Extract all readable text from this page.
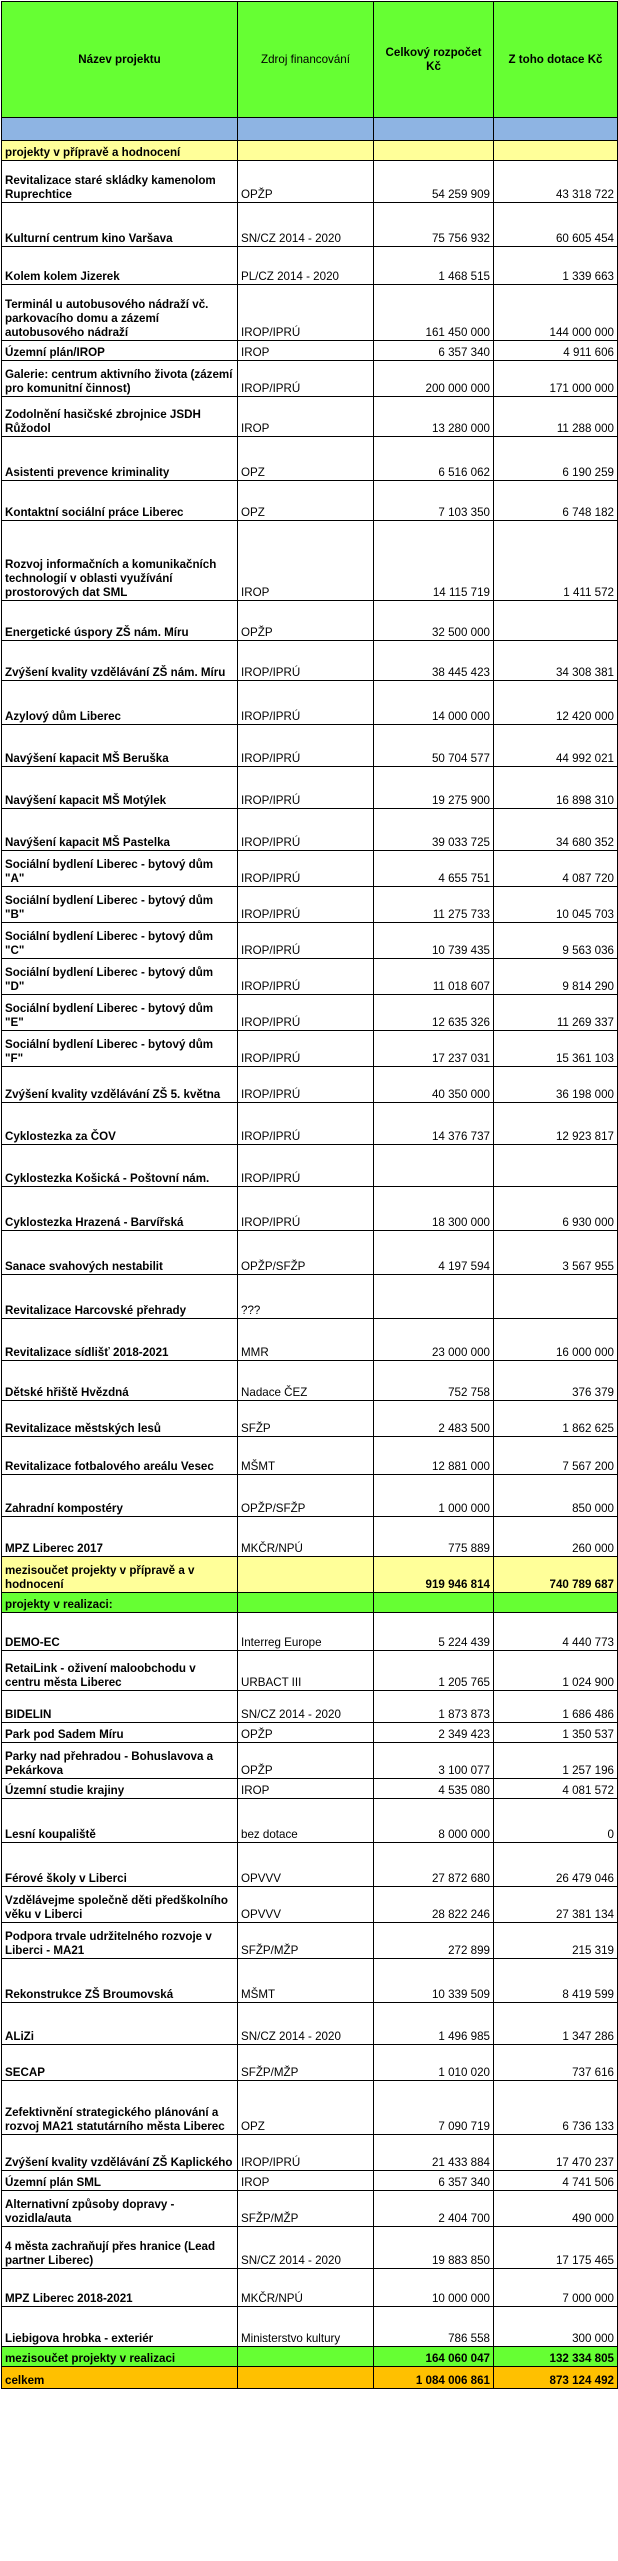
Název projektu	Zdroj financování	Celkový rozpočet Kč	Z toho dotace Kč

projekty v přípravě a hodnocení			
Revitalizace staré skládky kamenolom Ruprechtice	OPŽP	54 259 909	43 318 722
Kulturní centrum kino Varšava	SN/CZ 2014 - 2020	75 756 932	60 605 454
Kolem kolem Jizerek	PL/CZ 2014 - 2020	1 468 515	1 339 663
Terminál u autobusového nádraží vč. parkovacího domu a zázemí autobusového nádraží	IROP/IPRÚ	161 450 000	144 000 000
Územní plán/IROP	IROP	6 357 340	4 911 606
Galerie: centrum aktivního života (zázemí pro komunitní činnost)	IROP/IPRÚ	200 000 000	171 000 000
Zodolnění hasičské zbrojnice JSDH Růžodol	IROP	13 280 000	11 288 000
Asistenti prevence kriminality	OPZ	6 516 062	6 190 259
Kontaktní sociální práce Liberec	OPZ	7 103 350	6 748 182
Rozvoj informačních a komunikačních technologií v oblasti využívání prostorových dat SML	IROP	14 115 719	1 411 572
Energetické úspory ZŠ nám. Míru	OPŽP	32 500 000	
Zvýšení kvality vzdělávání ZŠ nám. Míru	IROP/IPRÚ	38 445 423	34 308 381
Azylový dům Liberec	IROP/IPRÚ	14 000 000	12 420 000
Navýšení kapacit MŠ Beruška	IROP/IPRÚ	50 704 577	44 992 021
Navýšení kapacit MŠ Motýlek	IROP/IPRÚ	19 275 900	16 898 310
Navýšení kapacit MŠ Pastelka	IROP/IPRÚ	39 033 725	34 680 352
Sociální bydlení Liberec - bytový dům "A"	IROP/IPRÚ	4 655 751	4 087 720
Sociální bydlení Liberec - bytový dům "B"	IROP/IPRÚ	11 275 733	10 045 703
Sociální bydlení Liberec - bytový dům "C"	IROP/IPRÚ	10 739 435	9 563 036
Sociální bydlení Liberec - bytový dům "D"	IROP/IPRÚ	11 018 607	9 814 290
Sociální bydlení Liberec - bytový dům "E"	IROP/IPRÚ	12 635 326	11 269 337
Sociální bydlení Liberec - bytový dům "F"	IROP/IPRÚ	17 237 031	15 361 103
Zvýšení kvality vzdělávání ZŠ 5. května	IROP/IPRÚ	40 350 000	36 198 000
Cyklostezka za ČOV	IROP/IPRÚ	14 376 737	12 923 817
Cyklostezka Košická - Poštovní nám.	IROP/IPRÚ		
Cyklostezka Hrazená - Barvířská	IROP/IPRÚ	18 300 000	6 930 000
Sanace svahových nestabilit	OPŽP/SFŽP	4 197 594	3 567 955
Revitalizace Harcovské přehrady	???		
Revitalizace sídlišť 2018-2021	MMR	23 000 000	16 000 000
Dětské hřiště Hvězdná	Nadace ČEZ	752 758	376 379
Revitalizace městských lesů	SFŽP	2 483 500	1 862 625
Revitalizace fotbalového areálu Vesec	MŠMT	12 881 000	7 567 200
Zahradní kompostéry	OPŽP/SFŽP	1 000 000	850 000
MPZ Liberec 2017	MKČR/NPÚ	775 889	260 000
mezisoučet projekty v přípravě a v hodnocení		919 946 814	740 789 687
projekty v realizaci:			
DEMO-EC	Interreg Europe	5 224 439	4 440 773
RetaiLink - oživení maloobchodu v centru města Liberec	URBACT III	1 205 765	1 024 900
BIDELIN	SN/CZ 2014 - 2020	1 873 873	1 686 486
Park pod Sadem Míru	OPŽP	2 349 423	1 350 537
Parky nad přehradou - Bohuslavova a Pekárkova	OPŽP	3 100 077	1 257 196
Územní studie krajiny	IROP	4 535 080	4 081 572
Lesní koupaliště	bez dotace	8 000 000	0
Férové školy v Liberci	OPVVV	27 872 680	26 479 046
Vzdělávejme společně děti předškolního věku v Liberci	OPVVV	28 822 246	27 381 134
Podpora trvale udržitelného rozvoje v Liberci - MA21	SFŽP/MŽP	272 899	215 319
Rekonstrukce ZŠ Broumovská	MŠMT	10 339 509	8 419 599
ALiZi	SN/CZ 2014 - 2020	1 496 985	1 347 286
SECAP	SFŽP/MŽP	1 010 020	737 616
Zefektivnění strategického plánování a rozvoj MA21 statutárního města Liberec	OPZ	7 090 719	6 736 133
Zvýšení kvality vzdělávání ZŠ Kaplického	IROP/IPRÚ	21 433 884	17 470 237
Územní plán SML	IROP	6 357 340	4 741 506
Alternativní způsoby dopravy - vozidla/auta	SFŽP/MŽP	2 404 700	490 000
4 města zachraňují přes hranice (Lead partner Liberec)	SN/CZ 2014 - 2020	19 883 850	17 175 465
MPZ Liberec 2018-2021	MKČR/NPÚ	10 000 000	7 000 000
Liebigova hrobka - exteriér	Ministerstvo kultury	786 558	300 000
mezisoučet projekty v realizaci		164 060 047	132 334 805
celkem		1 084 006 861	873 124 492
